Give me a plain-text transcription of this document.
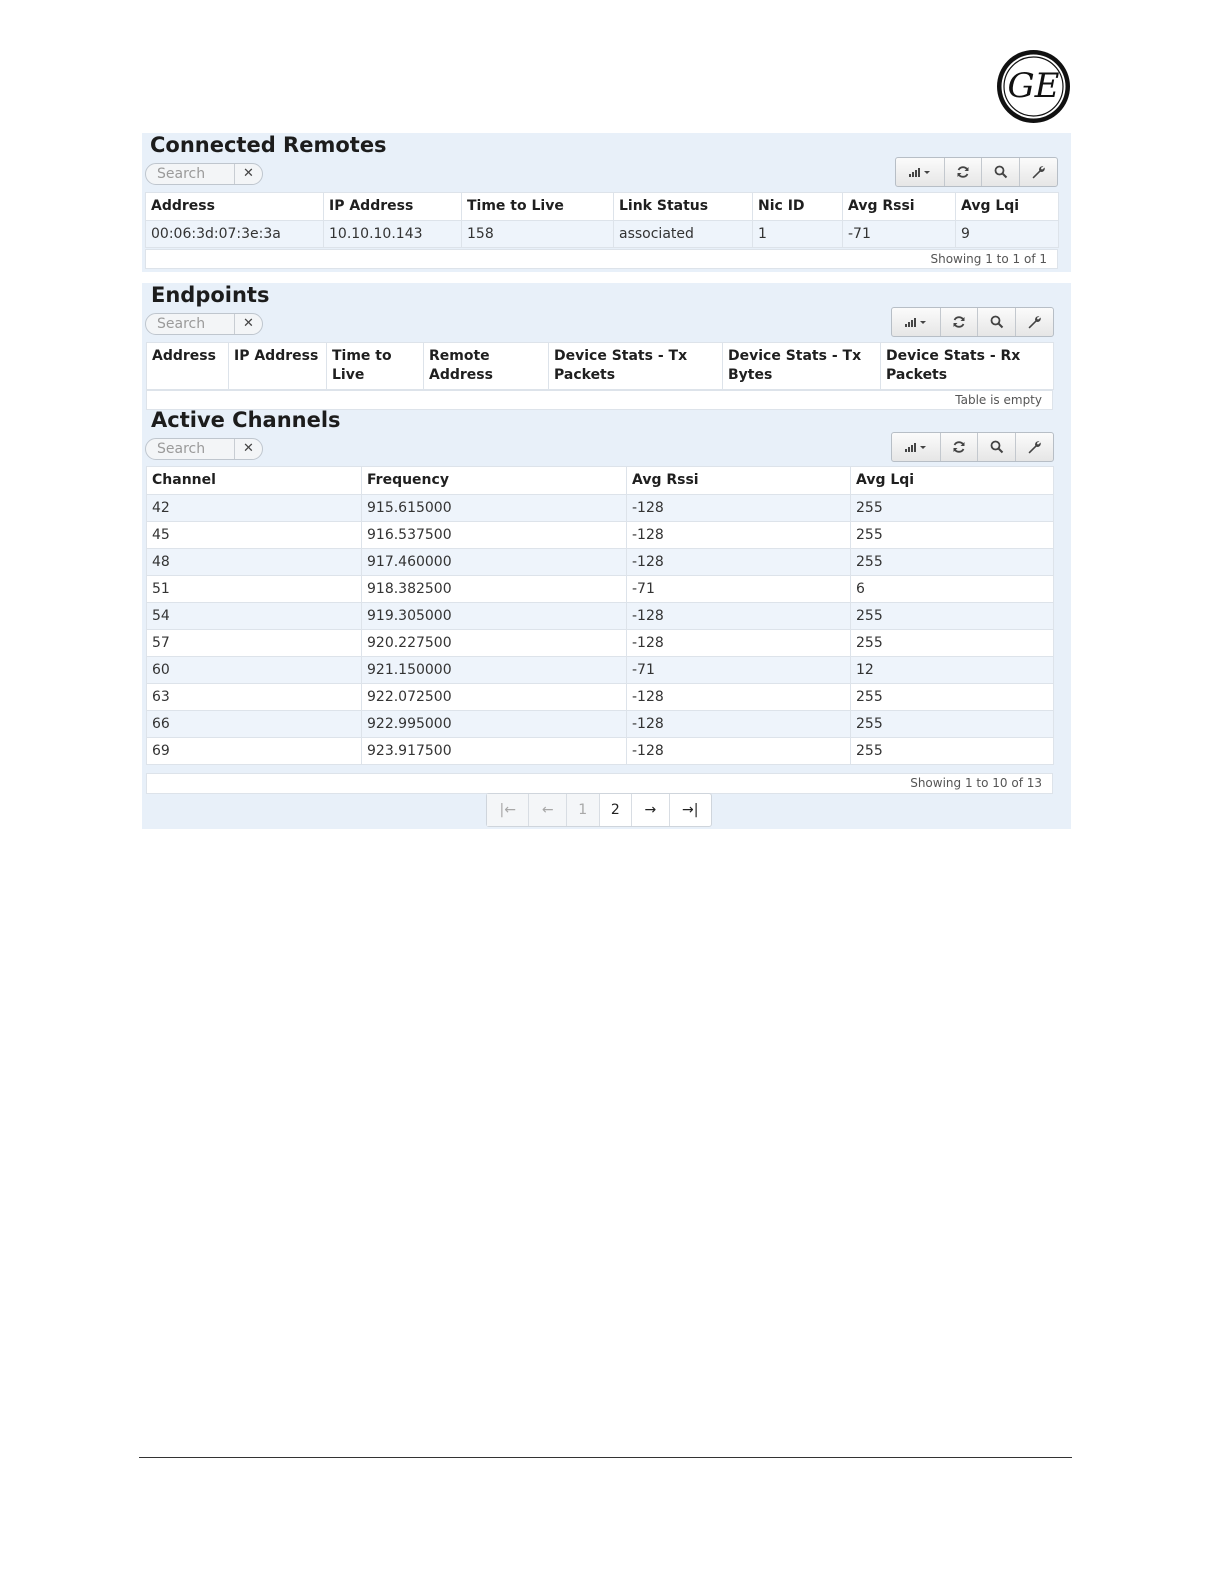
GE
Connected Remotes
Search
✕
Address	IP Address	Time to Live	Link Status	Nic ID	Avg Rssi	Avg Lqi
00:06:3d:07:3e:3a	10.10.10.143	158	associated	1	-71	9
Showing 1 to 1 of 1
Endpoints
Search
✕
Address	IP Address	Time to Live	Remote Address	Device Stats - Tx Packets	Device Stats - Tx Bytes	Device Stats - Rx Packets
Table is empty
Active Channels
Search
✕
Channel	Frequency	Avg Rssi	Avg Lqi
42	915.615000	-128	255
45	916.537500	-128	255
48	917.460000	-128	255
51	918.382500	-71	6
54	919.305000	-128	255
57	920.227500	-128	255
60	921.150000	-71	12
63	922.072500	-128	255
66	922.995000	-128	255
69	923.917500	-128	255
Showing 1 to 10 of 13
|←	←	1	2	→	→|
